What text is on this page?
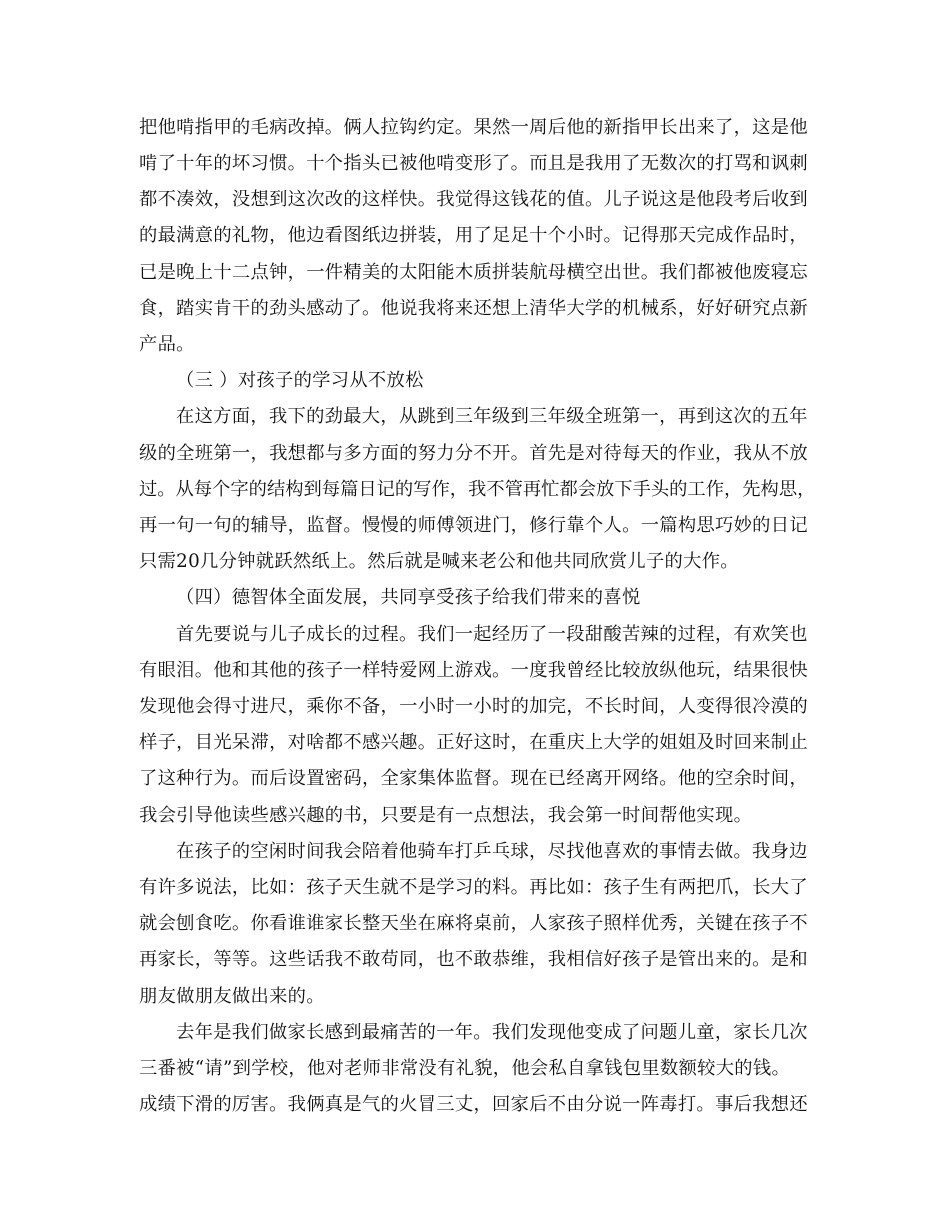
把他啃指甲的毛病改掉。俩人拉钩约定。果然一周后他的新指甲长出来了，这是他
啃了十年的坏习惯。十个指头已被他啃变形了。而且是我用了无数次的打骂和讽刺
都不凑效，没想到这次改的这样快。我觉得这钱花的值。儿子说这是他段考后收到
的最满意的礼物，他边看图纸边拼装，用了足足十个小时。记得那天完成作品时，
已是晚上十二点钟，一件精美的太阳能木质拼装航母横空出世。我们都被他废寝忘
食，踏实肯干的劲头感动了。他说我将来还想上清华大学的机械系，好好研究点新
产品。
（三 ）对孩子的学习从不放松
在这方面，我下的劲最大，从跳到三年级到三年级全班第一，再到这次的五年
级的全班第一，我想都与多方面的努力分不开。首先是对待每天的作业，我从不放
过。从每个字的结构到每篇日记的写作，我不管再忙都会放下手头的工作，先构思，
再一句一句的辅导，监督。慢慢的师傅领进门，修行靠个人。一篇构思巧妙的日记
只需20几分钟就跃然纸上。然后就是喊来老公和他共同欣赏儿子的大作。
（四）德智体全面发展，共同享受孩子给我们带来的喜悦
首先要说与儿子成长的过程。我们一起经历了一段甜酸苦辣的过程，有欢笑也
有眼泪。他和其他的孩子一样特爱网上游戏。一度我曾经比较放纵他玩，结果很快
发现他会得寸进尺，乘你不备，一小时一小时的加完，不长时间，人变得很冷漠的
样子，目光呆滞，对啥都不感兴趣。正好这时，在重庆上大学的姐姐及时回来制止
了这种行为。而后设置密码，全家集体监督。现在已经离开网络。他的空余时间，
我会引导他读些感兴趣的书，只要是有一点想法，我会第一时间帮他实现。
在孩子的空闲时间我会陪着他骑车打乒乓球，尽找他喜欢的事情去做。我身边
有许多说法，比如：孩子天生就不是学习的料。再比如：孩子生有两把爪，长大了
就会刨食吃。你看谁谁家长整天坐在麻将桌前，人家孩子照样优秀，关键在孩子不
再家长，等等。这些话我不敢苟同，也不敢恭维，我相信好孩子是管出来的。是和
朋友做朋友做出来的。
去年是我们做家长感到最痛苦的一年。我们发现他变成了问题儿童，家长几次
三番被“请”到学校，他对老师非常没有礼貌，他会私自拿钱包里数额较大的钱。
成绩下滑的厉害。我俩真是气的火冒三丈，回家后不由分说一阵毒打。事后我想还
